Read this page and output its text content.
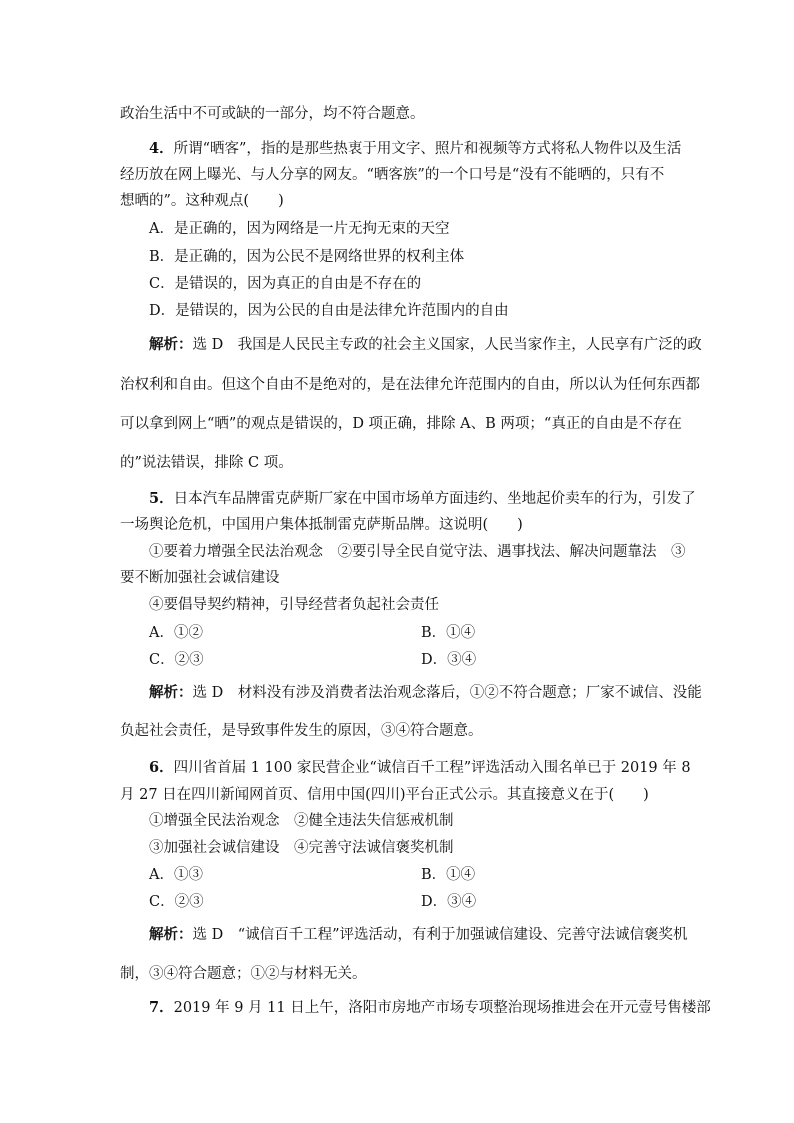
政治生活中不可或缺的一部分，均不符合题意。
4．所谓“晒客”，指的是那些热衷于用文字、照片和视频等方式将私人物件以及生活
经历放在网上曝光、与人分享的网友。“晒客族”的一个口号是“没有不能晒的，只有不
想晒的”。这种观点(　　)
A．是正确的，因为网络是一片无拘无束的天空
B．是正确的，因为公民不是网络世界的权利主体
C．是错误的，因为真正的自由是不存在的
D．是错误的，因为公民的自由是法律允许范围内的自由
解析：选 D　我国是人民民主专政的社会主义国家，人民当家作主，人民享有广泛的政
治权利和自由。但这个自由不是绝对的，是在法律允许范围内的自由，所以认为任何东西都
可以拿到网上“晒”的观点是错误的，D 项正确，排除 A、B 两项；“真正的自由是不存在
的”说法错误，排除 C 项。
5．日本汽车品牌雷克萨斯厂家在中国市场单方面违约、坐地起价卖车的行为，引发了
一场舆论危机，中国用户集体抵制雷克萨斯品牌。这说明(　　)
①要着力增强全民法治观念　②要引导全民自觉守法、遇事找法、解决问题靠法　③
要不断加强社会诚信建设
④要倡导契约精神，引导经营者负起社会责任
A．①②	B．①④
C．②③	D．③④
解析：选 D　材料没有涉及消费者法治观念落后，①②不符合题意；厂家不诚信、没能
负起社会责任，是导致事件发生的原因，③④符合题意。
6．四川省首届 1 100 家民营企业“诚信百千工程”评选活动入围名单已于 2019 年 8
月 27 日在四川新闻网首页、信用中国(四川)平台正式公示。其直接意义在于(　　)
①增强全民法治观念　②健全违法失信惩戒机制
③加强社会诚信建设　④完善守法诚信褒奖机制
A．①③	B．①④
C．②③	D．③④
解析：选 D　“诚信百千工程”评选活动，有利于加强诚信建设、完善守法诚信褒奖机
制，③④符合题意；①②与材料无关。
7．2019 年 9 月 11 日上午，洛阳市房地产市场专项整治现场推进会在开元壹号售楼部
